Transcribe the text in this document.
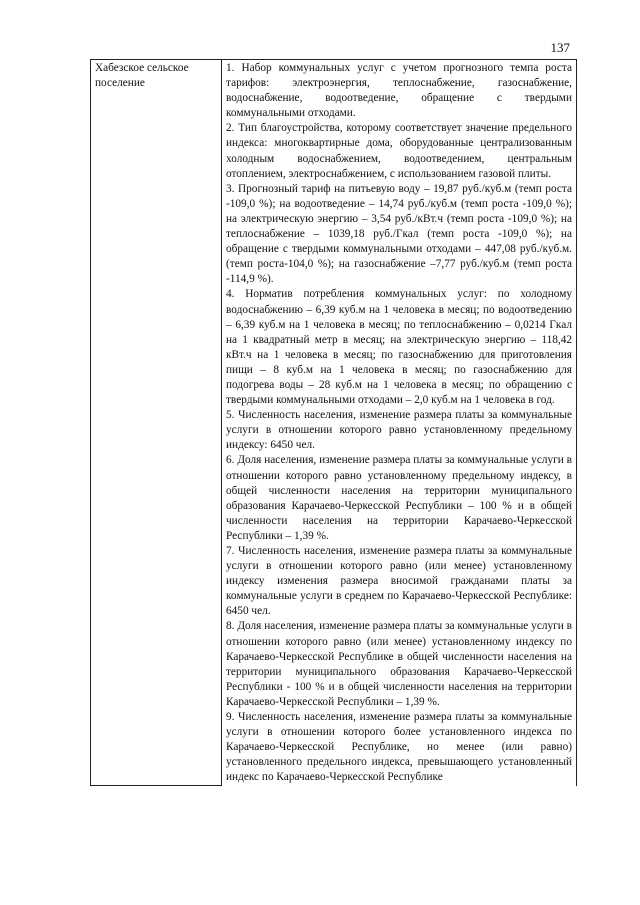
137
Хабезское сельское поселение	
1. Набор коммунальных услуг с учетом прогнозного темпа роста тарифов: электроэнергия, теплоснабжение, газоснабжение, водоснабжение, водоотведение, обращение с твердыми коммунальными отходами.
2. Тип благоустройства, которому соответствует значение предельного индекса: многоквартирные дома, оборудованные централизованным холодным водоснабжением, водоотведением, центральным отоплением, электроснабжением, с использованием газовой плиты.
3. Прогнозный тариф на питьевую воду – 19,87 руб./куб.м (темп роста -109,0 %); на водоотведение – 14,74 руб./куб.м (темп роста -109,0 %); на электрическую энергию – 3,54 руб./кВт.ч (темп роста -109,0 %); на теплоснабжение – 1039,18 руб./Гкал (темп роста -109,0 %); на обращение с твердыми коммунальными отходами – 447,08 руб./куб.м. (темп роста-104,0 %); на газоснабжение –7,77 руб./куб.м (темп роста -114,9 %).
4. Норматив потребления коммунальных услуг: по холодному водоснабжению – 6,39 куб.м на 1 человека в месяц; по водоотведению – 6,39 куб.м на 1 человека в месяц; по теплоснабжению – 0,0214 Гкал на 1 квадратный метр в месяц; на электрическую энергию – 118,42 кВт.ч на 1 человека в месяц; по газоснабжению для приготовления пищи – 8 куб.м на 1 человека в месяц; по газоснабжению для подогрева воды – 28 куб.м на 1 человека в месяц; по обращению с твердыми коммунальными отходами – 2,0 куб.м на 1 человека в год.
5. Численность населения, изменение размера платы за коммунальные услуги в отношении которого равно установленному предельному индексу: 6450 чел.
6. Доля населения, изменение размера платы за коммунальные услуги в отношении которого равно установленному предельному индексу, в общей численности населения на территории муниципального образования Карачаево-Черкесской Республики – 100 % и в общей численности населения на территории Карачаево-Черкесской Республики – 1,39 %.
7. Численность населения, изменение размера платы за коммунальные услуги в отношении которого равно (или менее) установленному индексу изменения размера вносимой гражданами платы за коммунальные услуги в среднем по Карачаево-Черкесской Республике: 6450 чел.
8. Доля населения, изменение размера платы за коммунальные услуги в отношении которого равно (или менее) установленному индексу по Карачаево-Черкесской Республике в общей численности населения на территории муниципального образования Карачаево-Черкесской Республики - 100 % и в общей численности населения на территории Карачаево-Черкесской Республики – 1,39 %.
9. Численность населения, изменение размера платы за коммунальные услуги в отношении которого более установленного индекса по Карачаево-Черкесской Республике, но менее (или равно) установленного предельного индекса, превышающего установленный индекс по Карачаево-Черкесской Республике
